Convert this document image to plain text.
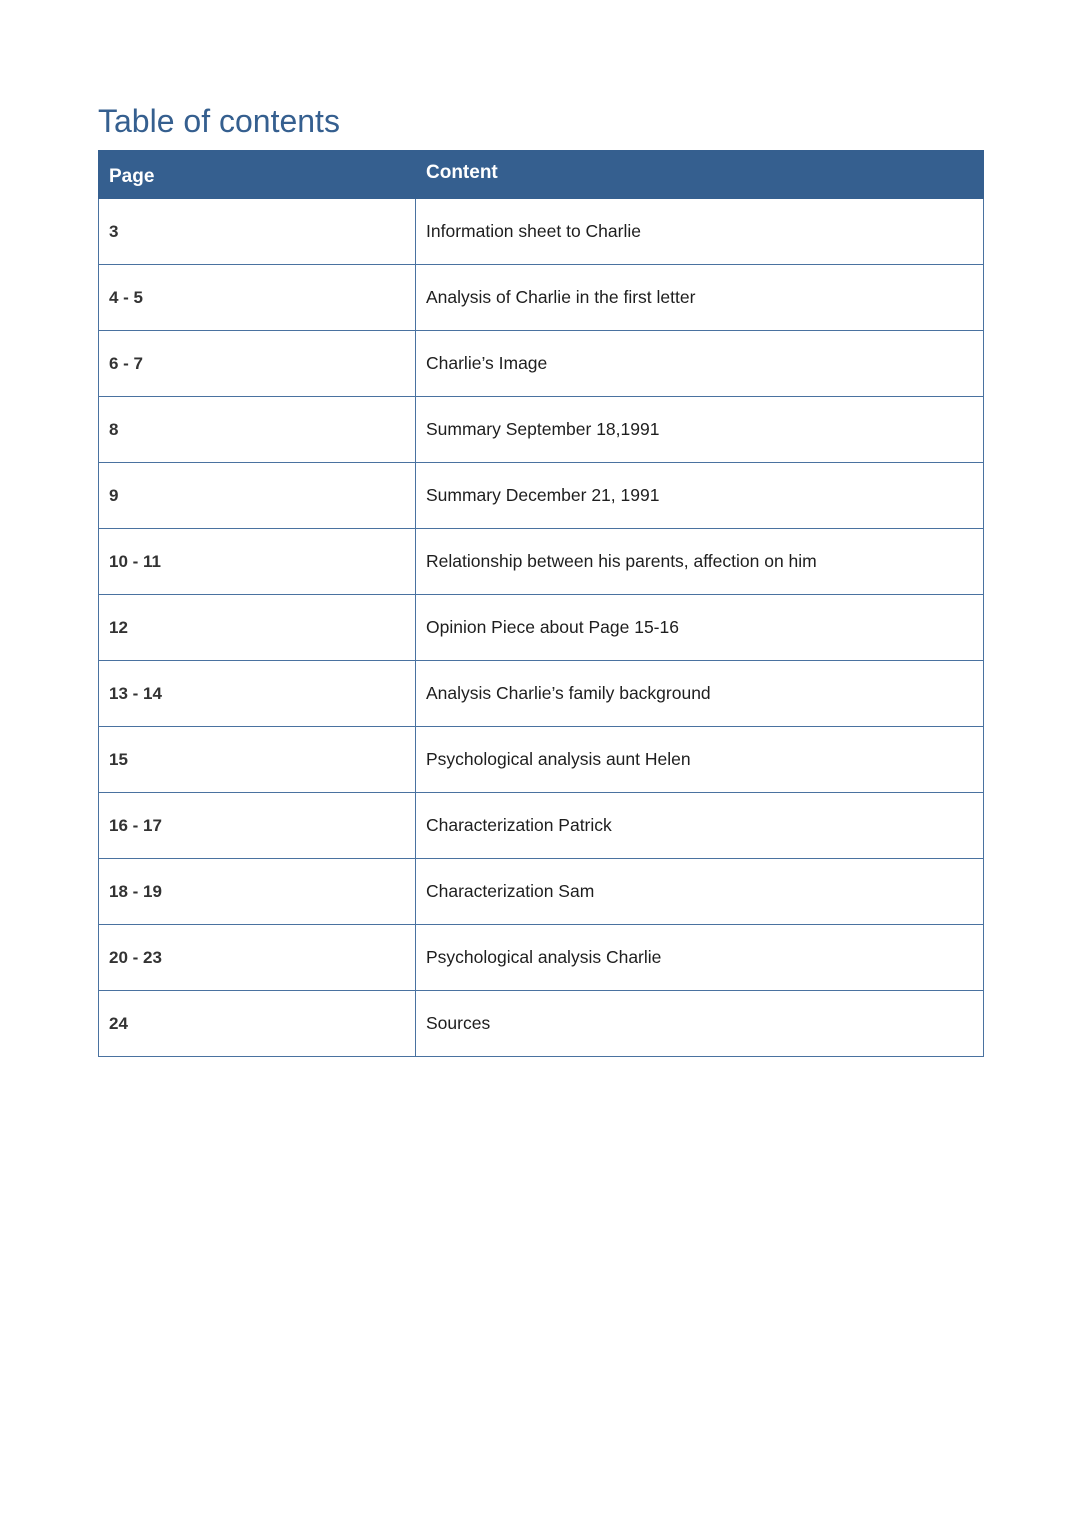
Table of contents
Page	Content
3	Information sheet to Charlie
4 - 5	Analysis of Charlie in the first letter
6 - 7	Charlie’s Image
8	Summary September 18,1991
9	Summary December 21, 1991
10 - 11	Relationship between his parents, affection on him
12	Opinion Piece about Page 15-16
13 - 14	Analysis Charlie’s family background
15	Psychological analysis aunt Helen
16 - 17	Characterization Patrick
18 - 19	Characterization Sam
20 - 23	Psychological analysis Charlie
24	Sources
